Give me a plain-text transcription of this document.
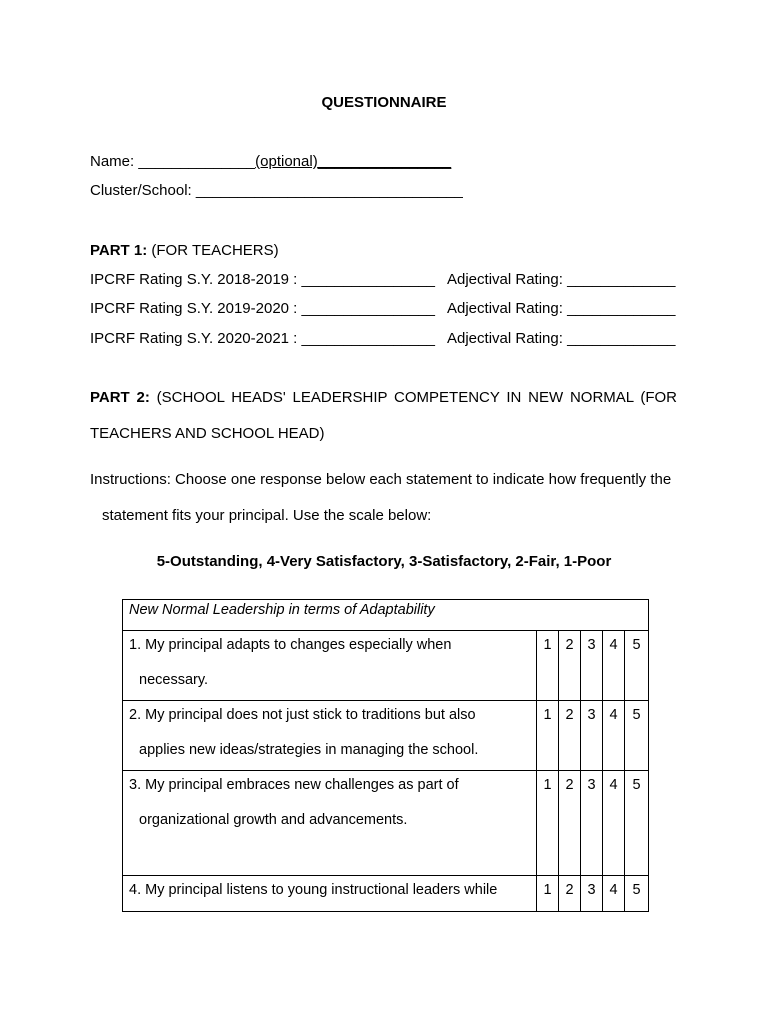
QUESTIONNAIRE
Name: ______________(optional)________________
Cluster/School: ________________________________
PART 1: (FOR TEACHERS)
IPCRF Rating S.Y. 2018-2019 : ________________ Adjectival Rating: _____________
IPCRF Rating S.Y. 2019-2020 : ________________ Adjectival Rating: _____________
IPCRF Rating S.Y. 2020-2021 : ________________ Adjectival Rating: _____________
PART 2: (SCHOOL HEADS' LEADERSHIP COMPETENCY IN NEW NORMAL (FOR
TEACHERS AND SCHOOL HEAD)
Instructions: Choose one response below each statement to indicate how frequently the
statement fits your principal. Use the scale below:
5-Outstanding, 4-Very Satisfactory, 3-Satisfactory, 2-Fair, 1-Poor
New Normal Leadership in terms of Adaptability					

1. My principal adapts to changes especially when
necessary.	1	2	3	4	5

2. My principal does not just stick to traditions but also
applies new ideas/strategies in managing the school.	1	2	3	4	5

3. My principal embraces new challenges as part of
organizational growth and advancements.	1	2	3	4	5

4. My principal listens to young instructional leaders while	1	2	3	4	5
